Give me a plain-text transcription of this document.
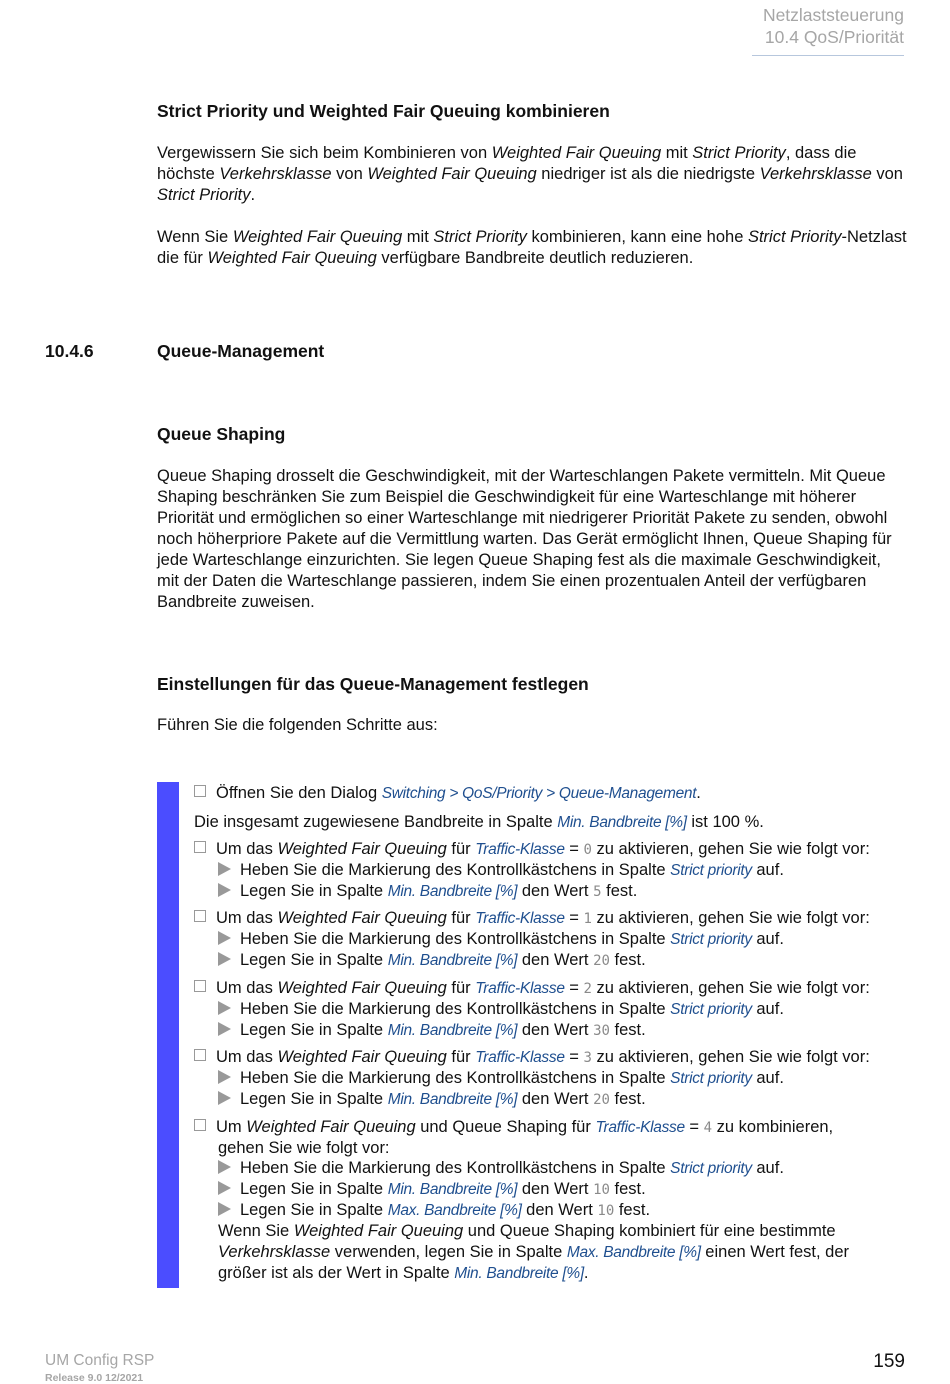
Netzlaststeuerung
10.4 QoS/Priorität
Strict Priority und Weighted Fair Queuing kombinieren

Vergewissern Sie sich beim Kombinieren von Weighted Fair Queuing mit Strict Priority, dass die höchste Verkehrsklasse von Weighted Fair Queuing niedriger ist als die niedrigste Verkehrsklasse von Strict Priority.

Wenn Sie Weighted Fair Queuing mit Strict Priority kombinieren, kann eine hohe Strict Priority-Netzlast die für Weighted Fair Queuing verfügbare Bandbreite deutlich reduzieren.

10.4.6	Queue-Management
Queue Shaping

Queue Shaping drosselt die Geschwindigkeit, mit der Warteschlangen Pakete vermitteln. Mit Queue Shaping beschränken Sie zum Beispiel die Geschwindigkeit für eine Warteschlange mit höherer Priorität und ermöglichen so einer Warteschlange mit niedrigerer Priorität Pakete zu senden, obwohl noch höherpriore Pakete auf die Vermittlung warten. Das Gerät ermöglicht Ihnen, Queue Shaping für jede Warteschlange einzurichten. Sie legen Queue Shaping fest als die maximale Geschwindigkeit, mit der Daten die Warteschlange passieren, indem Sie einen prozentualen Anteil der verfügbaren Bandbreite zuweisen.

Einstellungen für das Queue-Management festlegen
Führen Sie die folgenden Schritte aus:
Öffnen Sie den Dialog Switching > QoS/Priority > Queue-Management.
Die insgesamt zugewiesene Bandbreite in Spalte Min. Bandbreite [%] ist 100 %.
Um das Weighted Fair Queuing für Traffic-Klasse = 0 zu aktivieren, gehen Sie wie folgt vor:
Heben Sie die Markierung des Kontrollkästchens in Spalte Strict priority auf.
Legen Sie in Spalte Min. Bandbreite [%] den Wert 5 fest.
Um das Weighted Fair Queuing für Traffic-Klasse = 1 zu aktivieren, gehen Sie wie folgt vor:
Heben Sie die Markierung des Kontrollkästchens in Spalte Strict priority auf.
Legen Sie in Spalte Min. Bandbreite [%] den Wert 20 fest.
Um das Weighted Fair Queuing für Traffic-Klasse = 2 zu aktivieren, gehen Sie wie folgt vor:
Heben Sie die Markierung des Kontrollkästchens in Spalte Strict priority auf.
Legen Sie in Spalte Min. Bandbreite [%] den Wert 30 fest.
Um das Weighted Fair Queuing für Traffic-Klasse = 3 zu aktivieren, gehen Sie wie folgt vor:
Heben Sie die Markierung des Kontrollkästchens in Spalte Strict priority auf.
Legen Sie in Spalte Min. Bandbreite [%] den Wert 20 fest.
Um Weighted Fair Queuing und Queue Shaping für Traffic-Klasse = 4 zu kombinieren,
gehen Sie wie folgt vor:
Heben Sie die Markierung des Kontrollkästchens in Spalte Strict priority auf.
Legen Sie in Spalte Min. Bandbreite [%] den Wert 10 fest.
Legen Sie in Spalte Max. Bandbreite [%] den Wert 10 fest.
Wenn Sie Weighted Fair Queuing und Queue Shaping kombiniert für eine bestimmte
Verkehrsklasse verwenden, legen Sie in Spalte Max. Bandbreite [%] einen Wert fest, der
größer ist als der Wert in Spalte Min. Bandbreite [%].
UM Config RSP
Release 9.0 12/2021
159
